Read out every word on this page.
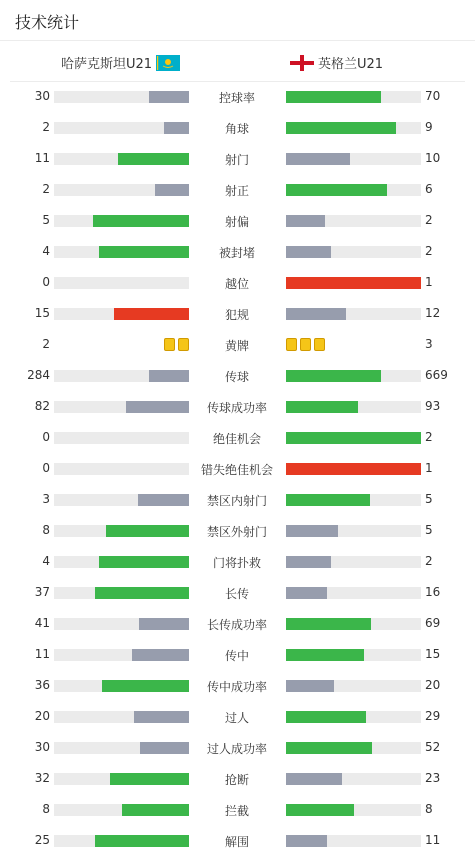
技术统计
哈萨克斯坦U21	英格兰U21
30	控球率	70
2	角球	9
11	射门	10
2	射正	6
5	射偏	2
4	被封堵	2
0	越位	1
15	犯规	12
2	黄牌	3
284	传球	669
82	传球成功率	93
0	绝佳机会	2
0	错失绝佳机会	1
3	禁区内射门	5
8	禁区外射门	5
4	门将扑救	2
37	长传	16
41	长传成功率	69
11	传中	15
36	传中成功率	20
20	过人	29
30	过人成功率	52
32	抢断	23
8	拦截	8
25	解围	11
